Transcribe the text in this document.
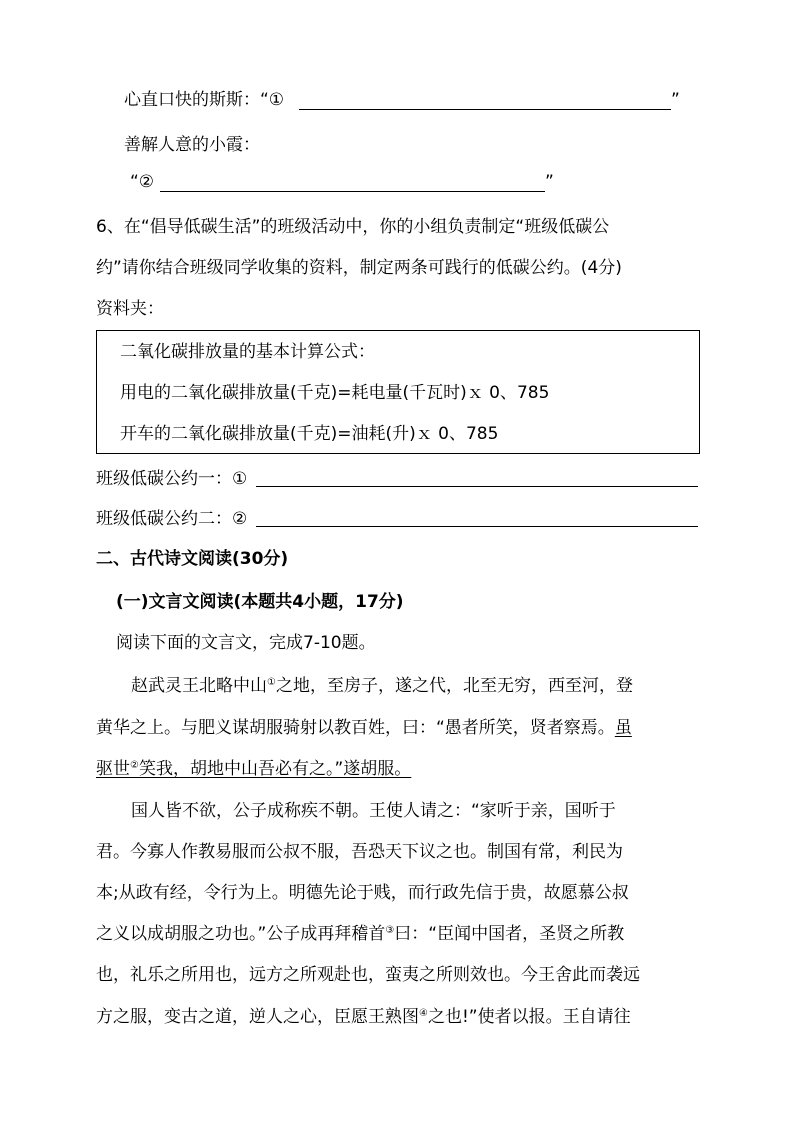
心直口快的斯斯：“①	”
善解人意的小霞：
“②	”
6、在“倡导低碳生活”的班级活动中，你的小组负责制定“班级低碳公
约”请你结合班级同学收集的资料，制定两条可践行的低碳公约。(4分)
资料夹：
二氧化碳排放量的基本计算公式：
用电的二氧化碳排放量(千克)=耗电量(千瓦时)ｘ 0、785
开车的二氧化碳排放量(千克)=油耗(升)ｘ 0、785
班级低碳公约一：①
班级低碳公约二：②
二、古代诗文阅读(30分)
(一)文言文阅读(本题共4小题，17分)
阅读下面的文言文，完成7-10题。
赵武灵王北略中山①之地，至房子，遂之代，北至无穷，西至河，登
黄华之上。与肥义谋胡服骑射以教百姓，曰：“愚者所笑，贤者察焉。虽
驱世②笑我，胡地中山吾必有之。”遂胡服。
国人皆不欲，公子成称疾不朝。王使人请之：“家听于亲，国听于
君。今寡人作教易服而公叔不服，吾恐天下议之也。制国有常，利民为
本;从政有经，令行为上。明德先论于贱，而行政先信于贵，故愿慕公叔
之义以成胡服之功也。”公子成再拜稽首③曰：“臣闻中国者，圣贤之所教
也，礼乐之所用也，远方之所观赴也，蛮夷之所则效也。今王舍此而袭远
方之服，变古之道，逆人之心，臣愿王熟图④之也!”使者以报。王自请往
